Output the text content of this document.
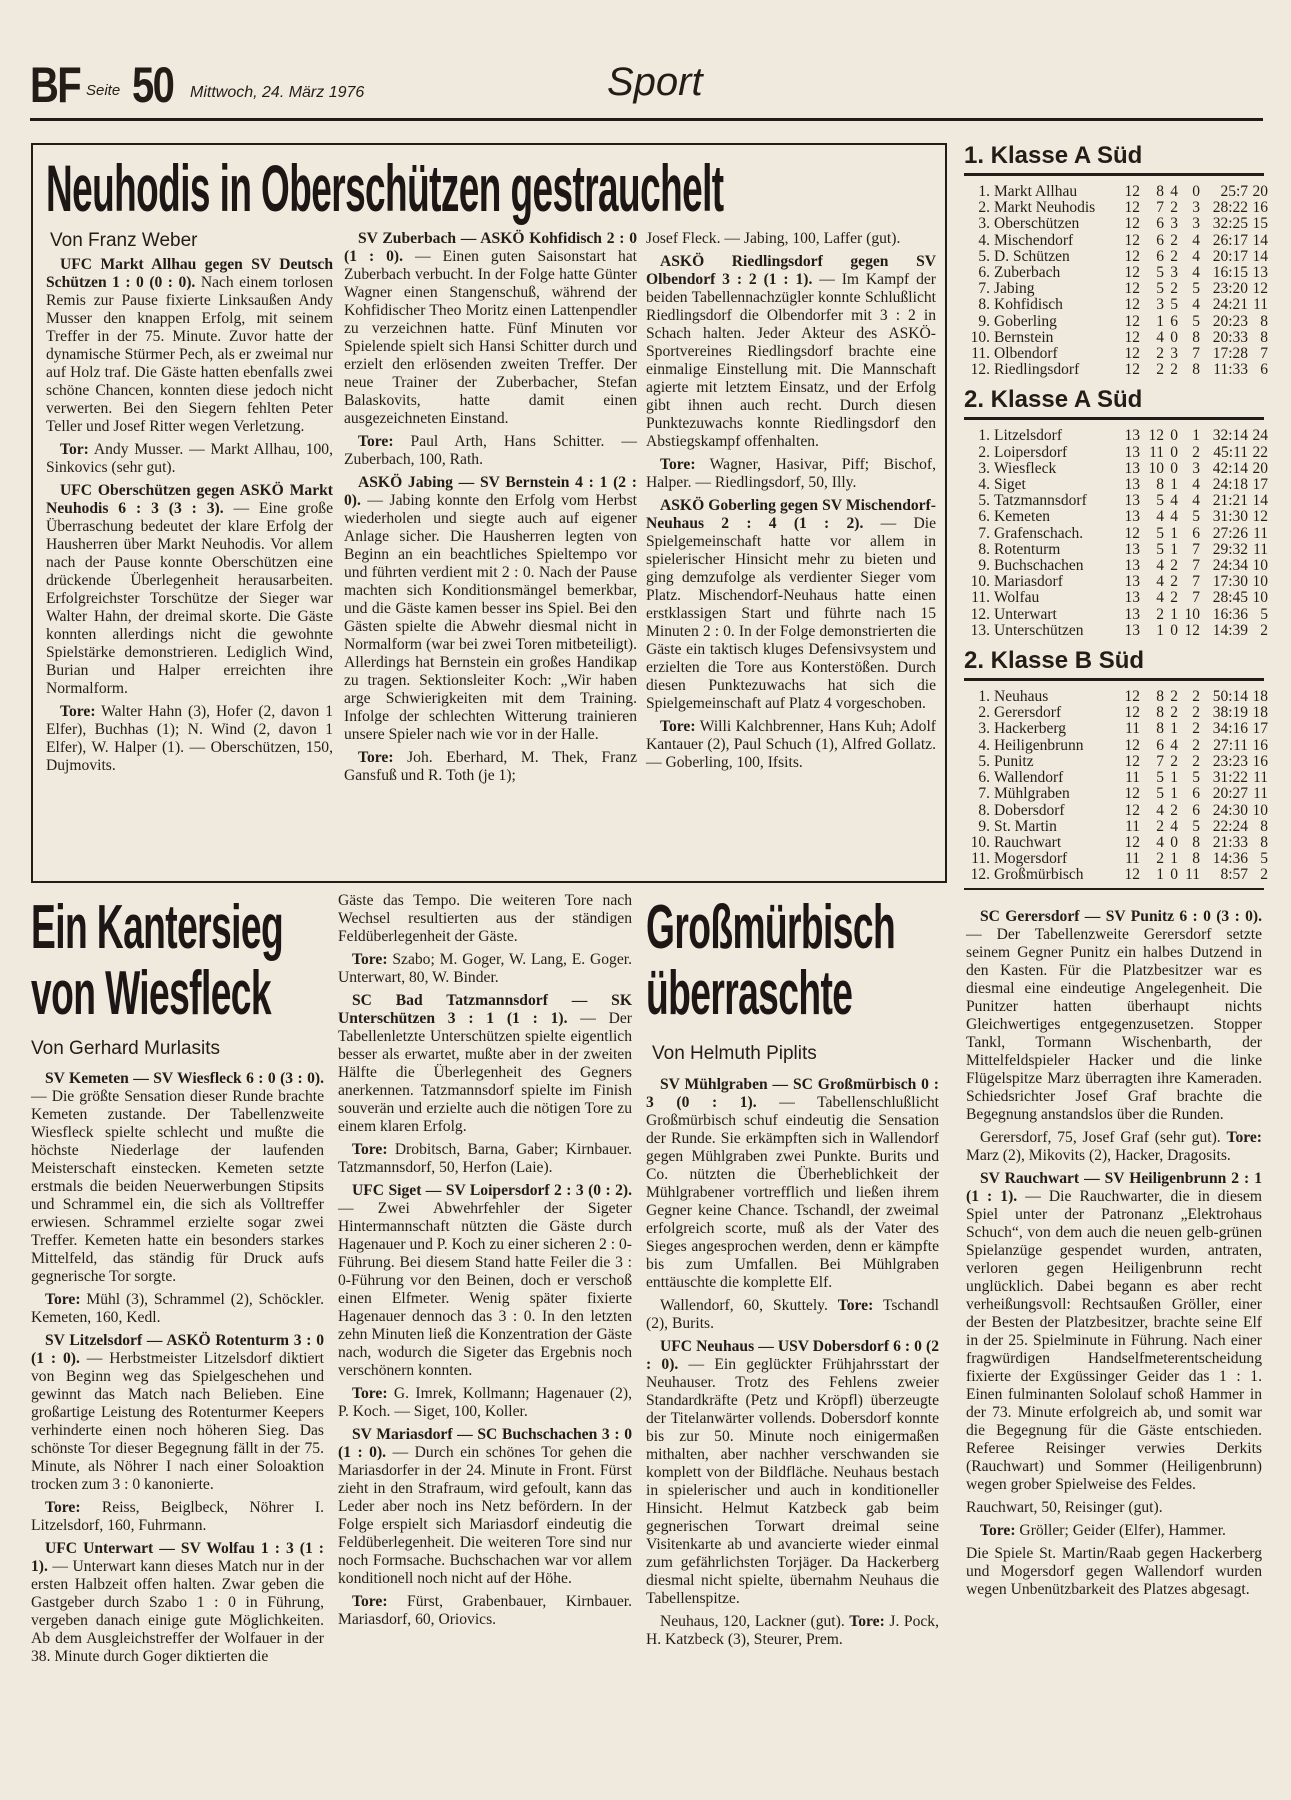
BF Seite 50 Mittwoch, 24. März 1976	Sport
Neuhodis in Oberschützen gestrauchelt
Von Franz Weber

UFC Markt Allhau gegen SV Deutsch Schützen 1 : 0 (0 : 0). Nach einem torlosen Remis zur Pause fixierte Linksaußen Andy Musser den knappen Erfolg, mit seinem Treffer in der 75. Minute. Zuvor hatte der dynamische Stürmer Pech, als er zweimal nur auf Holz traf. Die Gäste hatten ebenfalls zwei schöne Chancen, konnten diese jedoch nicht verwerten. Bei den Siegern fehlten Peter Teller und Josef Ritter wegen Verletzung.

Tor: Andy Musser. — Markt Allhau, 100, Sinkovics (sehr gut).

UFC Oberschützen gegen ASKÖ Markt Neuhodis 6 : 3 (3 : 3). — Eine große Überraschung bedeutet der klare Erfolg der Hausherren über Markt Neuhodis. Vor allem nach der Pause konnte Oberschützen eine drückende Überlegenheit herausarbeiten. Erfolgreichster Torschütze der Sieger war Walter Hahn, der dreimal skorte. Die Gäste konnten allerdings nicht die gewohnte Spielstärke demonstrieren. Lediglich Wind, Burian und Halper erreichten ihre Normalform.

Tore: Walter Hahn (3), Hofer (2, davon 1 Elfer), Buchhas (1); N. Wind (2, davon 1 Elfer), W. Halper (1). — Oberschützen, 150, Dujmovits.

SV Zuberbach — ASKÖ Kohfidisch 2 : 0 (1 : 0). — Einen guten Saisonstart hat Zuberbach verbucht. In der Folge hatte Günter Wagner einen Stangenschuß, während der Kohfidischer Theo Moritz einen Lattenpendler zu verzeichnen hatte. Fünf Minuten vor Spielende spielt sich Hansi Schitter durch und erzielt den erlösenden zweiten Treffer. Der neue Trainer der Zuberbacher, Stefan Balaskovits, hatte damit einen ausgezeichneten Einstand.

Tore: Paul Arth, Hans Schitter. — Zuberbach, 100, Rath.

ASKÖ Jabing — SV Bernstein 4 : 1 (2 : 0). — Jabing konnte den Erfolg vom Herbst wiederholen und siegte auch auf eigener Anlage sicher. Die Hausherren legten von Beginn an ein beachtliches Spieltempo vor und führten verdient mit 2 : 0. Nach der Pause machten sich Konditionsmängel bemerkbar, und die Gäste kamen besser ins Spiel. Bei den Gästen spielte die Abwehr diesmal nicht in Normalform (war bei zwei Toren mitbeteiligt). Allerdings hat Bernstein ein großes Handikap zu tragen. Sektionsleiter Koch: „Wir haben arge Schwierigkeiten mit dem Training. Infolge der schlechten Witterung trainieren unsere Spieler nach wie vor in der Halle.

Tore: Joh. Eberhard, M. Thek, Franz Gansfuß und R. Toth (je 1);

Josef Fleck. — Jabing, 100, Laffer (gut).

ASKÖ Riedlingsdorf gegen SV Olbendorf 3 : 2 (1 : 1). — Im Kampf der beiden Tabellennachzügler konnte Schlußlicht Riedlingsdorf die Olbendorfer mit 3 : 2 in Schach halten. Jeder Akteur des ASKÖ-Sportvereines Riedlingsdorf brachte eine einmalige Einstellung mit. Die Mannschaft agierte mit letztem Einsatz, und der Erfolg gibt ihnen auch recht. Durch diesen Punktezuwachs konnte Riedlingsdorf den Abstiegskampf offenhalten.

Tore: Wagner, Hasivar, Piff; Bischof, Halper. — Riedlingsdorf, 50, Illy.

ASKÖ Goberling gegen SV Mischendorf-Neuhaus 2 : 4 (1 : 2). — Die Spielgemeinschaft hatte vor allem in spielerischer Hinsicht mehr zu bieten und ging demzufolge als verdienter Sieger vom Platz. Mischendorf-Neuhaus hatte einen erstklassigen Start und führte nach 15 Minuten 2 : 0. In der Folge demonstrierten die Gäste ein taktisch kluges Defensivsystem und erzielten die Tore aus Konterstößen. Durch diesen Punktezuwachs hat sich die Spielgemeinschaft auf Platz 4 vorgeschoben.

Tore: Willi Kalchbrenner, Hans Kuh; Adolf Kantauer (2), Paul Schuch (1), Alfred Gollatz. — Goberling, 100, Ifsits.

1. Klasse A Süd
1. Markt Allhau	12	8 4 0	25:7 20
2. Markt Neuhodis	12	7 2 3 28:22 16
3. Oberschützen	12	6 3 3 32:25 15
4. Mischendorf	12	6 2 4 26:17 14
5. D. Schützen	12	6 2 4 20:17 14
6. Zuberbach	12	5 3 4 16:15 13
7. Jabing	12	5 2 5 23:20 12
8. Kohfidisch	12	3 5 4 24:21 11
9. Goberling	12	1 6 5 20:23 8
10. Bernstein	12	4 0 8 20:33 8
11. Olbendorf	12	2 3 7 17:28 7
12. Riedlingsdorf	12	2 2 8 11:33 6
2. Klasse A Süd
1. Litzelsdorf	13 12 0 1 32:14 24
2. Loipersdorf	13 11 0 2 45:11 22
3. Wiesfleck	13 10 0 3 42:14 20
4. Siget	13	8 1 4 24:18 17
5. Tatzmannsdorf	13	5 4 4 21:21 14
6. Kemeten	13	4 4 5 31:30 12
7. Grafenschach.	12	5 1 6 27:26 11
8. Rotenturm	13	5 1 7 29:32 11
9. Buchschachen	13	4 2 7 24:34 10
10. Mariasdorf	13	4 2 7 17:30 10
11. Wolfau	13	4 2 7 28:45 10
12. Unterwart	13	2 1 10 16:36 5
13. Unterschützen	13	1 0 12 14:39 2
2. Klasse B Süd
1. Neuhaus	12	8 2 2 50:14 18
2. Gerersdorf	12	8 2 2 38:19 18
3. Hackerberg	11	8 1 2 34:16 17
4. Heiligenbrunn	12	6 4 2 27:11 16
5. Punitz	12	7 2 2 23:23 16
6. Wallendorf	11	5 1 5 31:22 11
7. Mühlgraben	12	5 1 6 20:27 11
8. Dobersdorf	12	4 2 6 24:30 10
9. St. Martin	11	2 4 5 22:24 8
10. Rauchwart	12	4 0 8 21:33 8
11. Mogersdorf	11	2 1 8 14:36 5
12. Großmürbisch	12	1 0 11	8:57 2
Ein Kantersieg
von Wiesfleck
Von Gerhard Murlasits

SV Kemeten — SV Wiesfleck 6 : 0 (3 : 0). — Die größte Sensation dieser Runde brachte Kemeten zustande. Der Tabellenzweite Wiesfleck spielte schlecht und mußte die höchste Niederlage der laufenden Meisterschaft einstecken. Kemeten setzte erstmals die beiden Neuerwerbungen Stipsits und Schrammel ein, die sich als Volltreffer erwiesen. Schrammel erzielte sogar zwei Treffer. Kemeten hatte ein besonders starkes Mittelfeld, das ständig für Druck aufs gegnerische Tor sorgte.

Tore: Mühl (3), Schrammel (2), Schöckler. Kemeten, 160, Kedl.

SV Litzelsdorf — ASKÖ Rotenturm 3 : 0 (1 : 0). — Herbstmeister Litzelsdorf diktiert von Beginn weg das Spielgeschehen und gewinnt das Match nach Belieben. Eine großartige Leistung des Rotenturmer Keepers verhinderte einen noch höheren Sieg. Das schönste Tor dieser Begegnung fällt in der 75. Minute, als Nöhrer I nach einer Soloaktion trocken zum 3 : 0 kanonierte.

Tore: Reiss, Beiglbeck, Nöhrer I. Litzelsdorf, 160, Fuhrmann.

UFC Unterwart — SV Wolfau 1 : 3 (1 : 1). — Unterwart kann dieses Match nur in der ersten Halbzeit offen halten. Zwar geben die Gastgeber durch Szabo 1 : 0 in Führung, vergeben danach einige gute Möglichkeiten. Ab dem Ausgleichstreffer der Wolfauer in der 38. Minute durch Goger diktierten die

Gäste das Tempo. Die weiteren Tore nach Wechsel resultierten aus der ständigen Feldüberlegenheit der Gäste.

Tore: Szabo; M. Goger, W. Lang, E. Goger. Unterwart, 80, W. Binder.

SC Bad Tatzmannsdorf — SK Unterschützen 3 : 1 (1 : 1). — Der Tabellenletzte Unterschützen spielte eigentlich besser als erwartet, mußte aber in der zweiten Hälfte die Überlegenheit des Gegners anerkennen. Tatzmannsdorf spielte im Finish souverän und erzielte auch die nötigen Tore zu einem klaren Erfolg.

Tore: Drobitsch, Barna, Gaber; Kirnbauer. Tatzmannsdorf, 50, Herfon (Laie).

UFC Siget — SV Loipersdorf 2 : 3 (0 : 2). — Zwei Abwehrfehler der Sigeter Hintermannschaft nützten die Gäste durch Hagenauer und P. Koch zu einer sicheren 2 : 0-Führung. Bei diesem Stand hatte Feiler die 3 : 0-Führung vor den Beinen, doch er verschoß einen Elfmeter. Wenig später fixierte Hagenauer dennoch das 3 : 0. In den letzten zehn Minuten ließ die Konzentration der Gäste nach, wodurch die Sigeter das Ergebnis noch verschönern konnten.

Tore: G. Imrek, Kollmann; Hagenauer (2), P. Koch. — Siget, 100, Koller.

SV Mariasdorf — SC Buchschachen 3 : 0 (1 : 0). — Durch ein schönes Tor gehen die Mariasdorfer in der 24. Minute in Front. Fürst zieht in den Strafraum, wird gefoult, kann das Leder aber noch ins Netz befördern. In der Folge erspielt sich Mariasdorf eindeutig die Feldüberlegenheit. Die weiteren Tore sind nur noch Formsache. Buchschachen war vor allem konditionell noch nicht auf der Höhe.

Tore: Fürst, Grabenbauer, Kirnbauer. Mariasdorf, 60, Oriovics.

Großmürbisch
überraschte
Von Helmuth Piplits

SV Mühlgraben — SC Großmürbisch 0 : 3 (0 : 1). — Tabellenschlußlicht Großmürbisch schuf eindeutig die Sensation der Runde. Sie erkämpften sich in Wallendorf gegen Mühlgraben zwei Punkte. Burits und Co. nützten die Überheblichkeit der Mühlgrabener vortrefflich und ließen ihrem Gegner keine Chance. Tschandl, der zweimal erfolgreich scorte, muß als der Vater des Sieges angesprochen werden, denn er kämpfte bis zum Umfallen. Bei Mühlgraben enttäuschte die komplette Elf.

Wallendorf, 60, Skuttely. Tore: Tschandl (2), Burits.

UFC Neuhaus — USV Dobersdorf 6 : 0 (2 : 0). — Ein geglückter Frühjahrsstart der Neuhauser. Trotz des Fehlens zweier Standardkräfte (Petz und Kröpfl) überzeugte der Titelanwärter vollends. Dobersdorf konnte bis zur 50. Minute noch einigermaßen mithalten, aber nachher verschwanden sie komplett von der Bildfläche. Neuhaus bestach in spielerischer und auch in konditioneller Hinsicht. Helmut Katzbeck gab beim gegnerischen Torwart dreimal seine Visitenkarte ab und avancierte wieder einmal zum gefährlichsten Torjäger. Da Hackerberg diesmal nicht spielte, übernahm Neuhaus die Tabellenspitze.

Neuhaus, 120, Lackner (gut). Tore: J. Pock, H. Katzbeck (3), Steurer, Prem.

SC Gerersdorf — SV Punitz 6 : 0 (3 : 0). — Der Tabellenzweite Gerersdorf setzte seinem Gegner Punitz ein halbes Dutzend in den Kasten. Für die Platzbesitzer war es diesmal eine eindeutige Angelegenheit. Die Punitzer hatten überhaupt nichts Gleichwertiges entgegenzusetzen. Stopper Tankl, Tormann Wischenbarth, der Mittelfeldspieler Hacker und die linke Flügelspitze Marz überragten ihre Kameraden. Schiedsrichter Josef Graf brachte die Begegnung anstandslos über die Runden.

Gerersdorf, 75, Josef Graf (sehr gut). Tore: Marz (2), Mikovits (2), Hacker, Dragosits.

SV Rauchwart — SV Heiligenbrunn 2 : 1 (1 : 1). — Die Rauchwarter, die in diesem Spiel unter der Patronanz „Elektrohaus Schuch“, von dem auch die neuen gelb-grünen Spielanzüge gespendet wurden, antraten, verloren gegen Heiligenbrunn recht unglücklich. Dabei begann es aber recht verheißungsvoll: Rechtsaußen Gröller, einer der Besten der Platzbesitzer, brachte seine Elf in der 25. Spielminute in Führung. Nach einer fragwürdigen Handselfmeterentscheidung fixierte der Exgüssinger Geider das 1 : 1. Einen fulminanten Sololauf schoß Hammer in der 73. Minute erfolgreich ab, und somit war die Begegnung für die Gäste entschieden. Referee Reisinger verwies Derkits (Rauchwart) und Sommer (Heiligenbrunn) wegen grober Spielweise des Feldes.

Rauchwart, 50, Reisinger (gut).

Tore: Gröller; Geider (Elfer), Hammer.

Die Spiele St. Martin/Raab gegen Hackerberg und Mogersdorf gegen Wallendorf wurden wegen Unbenützbarkeit des Platzes abgesagt.
